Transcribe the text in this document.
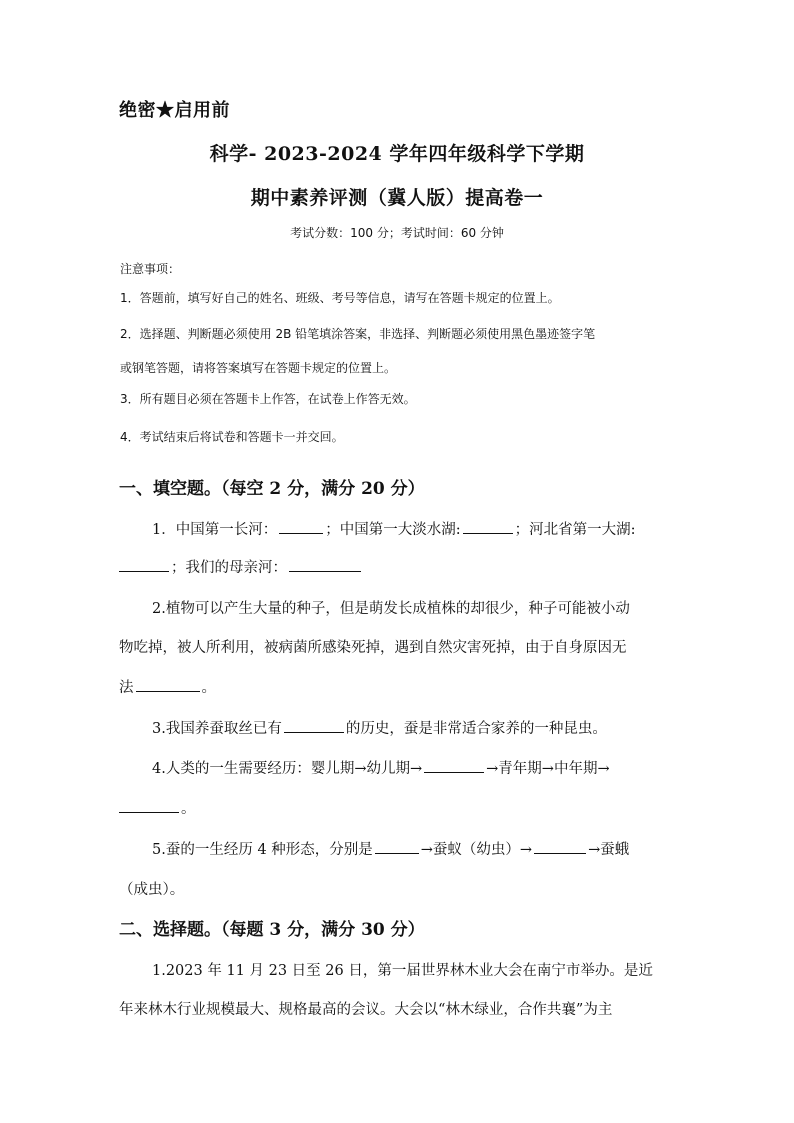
绝密★启用前
科学- 2023-2024 学年四年级科学下学期
期中素养评测（冀人版）提高卷一
考试分数：100 分；考试时间：60 分钟
注意事项：
1．答题前，填写好自己的姓名、班级、考号等信息，请写在答题卡规定的位置上。
2．选择题、判断题必须使用 2B 铅笔填涂答案，非选择、判断题必须使用黑色墨迹签字笔
或钢笔答题，请将答案填写在答题卡规定的位置上。
3．所有题目必须在答题卡上作答，在试卷上作答无效。
4．考试结束后将试卷和答题卡一并交回。
一、填空题。（每空 2 分，满分 20 分）
1．中国第一长河：	；中国第一大淡水湖:	；河北省第一大湖:
；我们的母亲河：
2.植物可以产生大量的种子，但是萌发长成植株的却很少，种子可能被小动
物吃掉，被人所利用，被病菌所感染死掉，遇到自然灾害死掉，由于自身原因无
法	。
3.我国养蚕取丝已有	的历史，蚕是非常适合家养的一种昆虫。
4.人类的一生需要经历：婴儿期→幼儿期→	→青年期→中年期→
。
5.蚕的一生经历 4 种形态，分别是	→蚕蚁（幼虫）→	→蚕蛾
（成虫）。
二、选择题。（每题 3 分，满分 30 分）
1.2023 年 11 月 23 日至 26 日，第一届世界林木业大会在南宁市举办。是近
年来林木行业规模最大、规格最高的会议。大会以“林木绿业，合作共襄”为主
